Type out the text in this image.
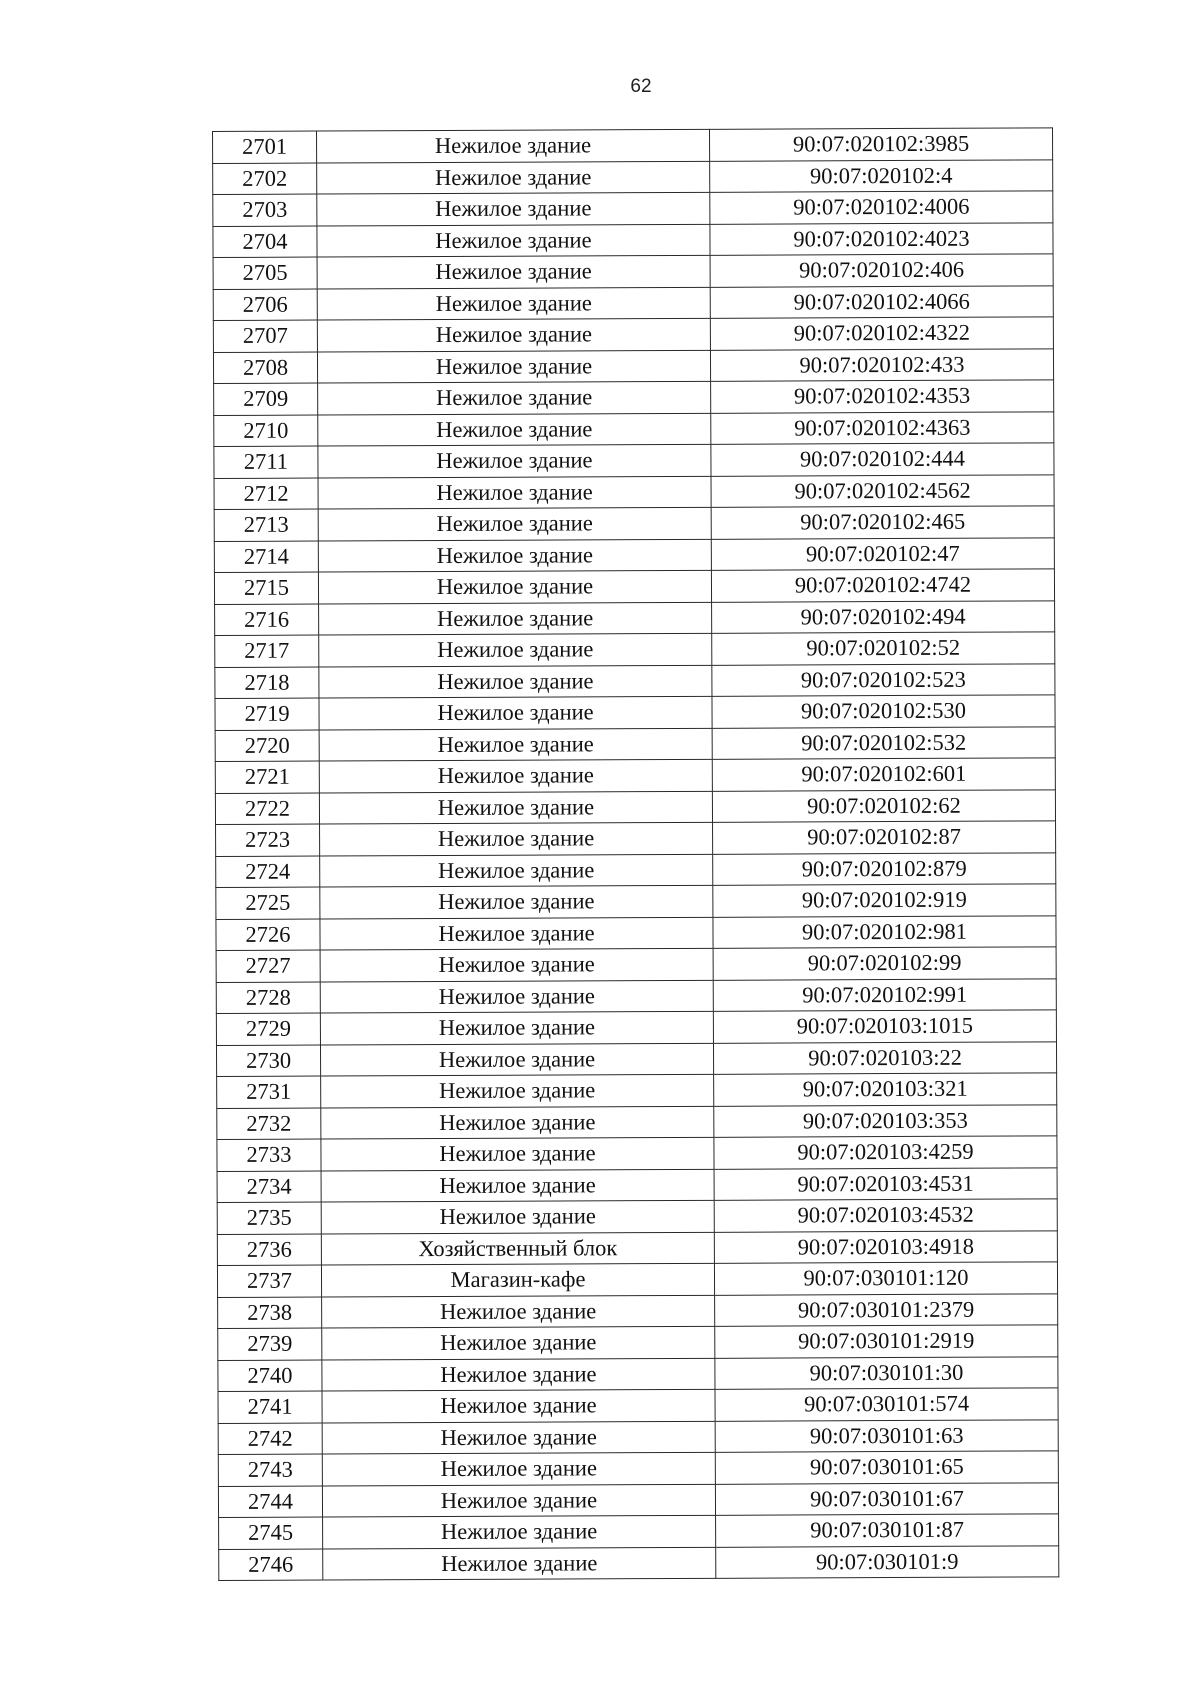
62
2701	Нежилое здание	90:07:020102:3985
2702	Нежилое здание	90:07:020102:4
2703	Нежилое здание	90:07:020102:4006
2704	Нежилое здание	90:07:020102:4023
2705	Нежилое здание	90:07:020102:406
2706	Нежилое здание	90:07:020102:4066
2707	Нежилое здание	90:07:020102:4322
2708	Нежилое здание	90:07:020102:433
2709	Нежилое здание	90:07:020102:4353
2710	Нежилое здание	90:07:020102:4363
2711	Нежилое здание	90:07:020102:444
2712	Нежилое здание	90:07:020102:4562
2713	Нежилое здание	90:07:020102:465
2714	Нежилое здание	90:07:020102:47
2715	Нежилое здание	90:07:020102:4742
2716	Нежилое здание	90:07:020102:494
2717	Нежилое здание	90:07:020102:52
2718	Нежилое здание	90:07:020102:523
2719	Нежилое здание	90:07:020102:530
2720	Нежилое здание	90:07:020102:532
2721	Нежилое здание	90:07:020102:601
2722	Нежилое здание	90:07:020102:62
2723	Нежилое здание	90:07:020102:87
2724	Нежилое здание	90:07:020102:879
2725	Нежилое здание	90:07:020102:919
2726	Нежилое здание	90:07:020102:981
2727	Нежилое здание	90:07:020102:99
2728	Нежилое здание	90:07:020102:991
2729	Нежилое здание	90:07:020103:1015
2730	Нежилое здание	90:07:020103:22
2731	Нежилое здание	90:07:020103:321
2732	Нежилое здание	90:07:020103:353
2733	Нежилое здание	90:07:020103:4259
2734	Нежилое здание	90:07:020103:4531
2735	Нежилое здание	90:07:020103:4532
2736	Хозяйственный блок	90:07:020103:4918
2737	Магазин-кафе	90:07:030101:120
2738	Нежилое здание	90:07:030101:2379
2739	Нежилое здание	90:07:030101:2919
2740	Нежилое здание	90:07:030101:30
2741	Нежилое здание	90:07:030101:574
2742	Нежилое здание	90:07:030101:63
2743	Нежилое здание	90:07:030101:65
2744	Нежилое здание	90:07:030101:67
2745	Нежилое здание	90:07:030101:87
2746	Нежилое здание	90:07:030101:9
